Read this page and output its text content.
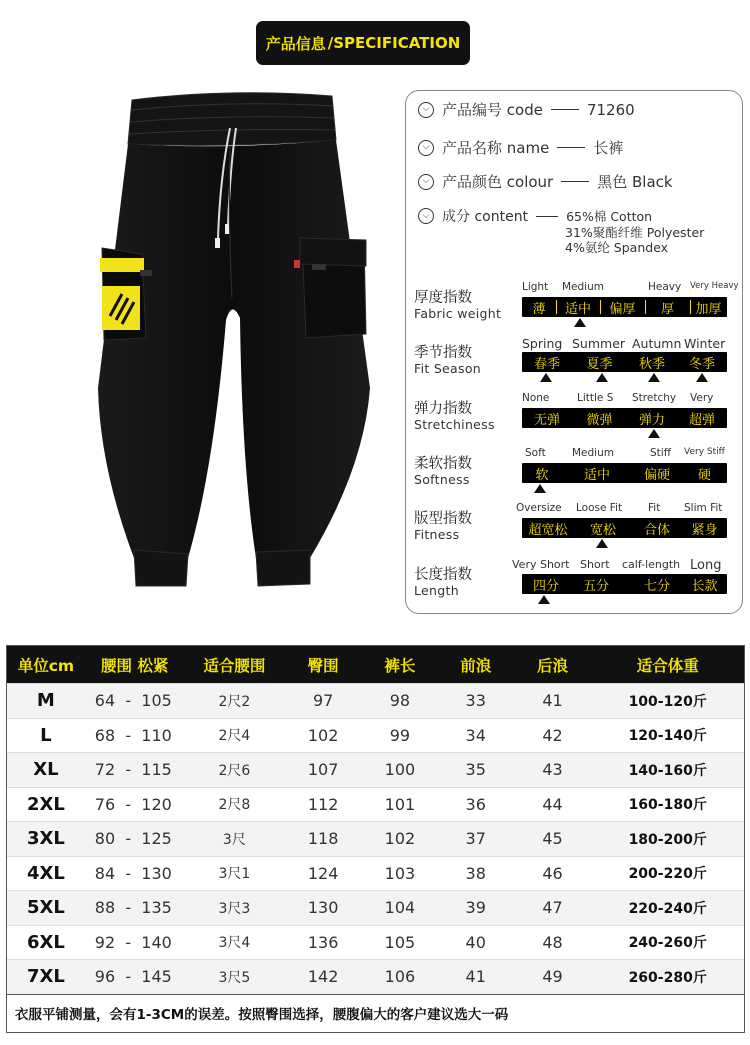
产品信息 /SPECIFICATION
⌵ 产品编号 code	71260
⌵ 产品名称 name	长裤
⌵ 产品颜色 colour	黑色 Black
⌵ 成分 content	65%棉 Cotton
31%聚酯纤维 Polyester
4%氨纶 Spandex
厚度指数
Fabric weight
Light Medium	Heavy Very Heavy
薄	适中	偏厚	厚	加厚
季节指数
Fit Season
Spring Summer Autumn Winter
春季	夏季	秋季	冬季
弹力指数
Stretchiness
None	Little S Stretchy Very
无弹	微弹	弹力	超弹
柔软指数
Softness
Soft	Medium	Stiff Very Stiff
软	适中	偏硬	硬
版型指数
Fitness
Oversize Loose Fit Fit Slim Fit
超宽松	宽松	合体	紧身
长度指数
Length
Very Short Short calf-length Long
四分	五分	七分	长款
单位cm	腰围 松紧	适合腰围	臀围	裤长	前浪	后浪	适合体重
M	64  -  105	2尺2	97	98	33	41	100-120斤
L	68  -  110	2尺4	102	99	34	42	120-140斤
XL	72  -  115	2尺6	107	100	35	43	140-160斤
2XL	76  -  120	2尺8	112	101	36	44	160-180斤
3XL	80  -  125	3尺	118	102	37	45	180-200斤
4XL	84  -  130	3尺1	124	103	38	46	200-220斤
5XL	88  -  135	3尺3	130	104	39	47	220-240斤
6XL	92  -  140	3尺4	136	105	40	48	240-260斤
7XL	96  -  145	3尺5	142	106	41	49	260-280斤
衣服平铺测量，会有1-3CM的误差。按照臀围选择，腰腹偏大的客户建议选大一码
